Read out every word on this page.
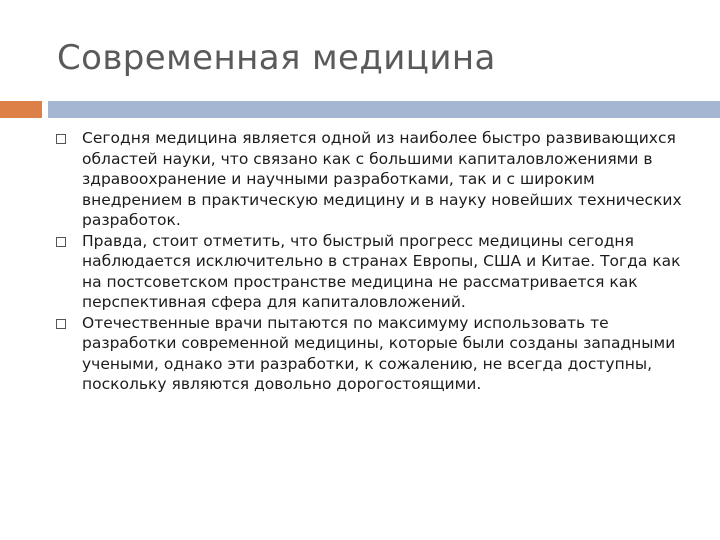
Современная медицина
Сегодня медицина является одной из наиболее быстро развивающихся областей науки, что связано как с большими капиталовложениями в здравоохранение и научными разработками, так и с широким внедрением в практическую медицину и в науку новейших технических разработок.
Правда, стоит отметить, что быстрый прогресс медицины сегодня наблюдается исключительно в странах Европы, США и Китае. Тогда как на постсоветском пространстве медицина не рассматривается как перспективная сфера для капиталовложений.
Отечественные врачи пытаются по максимуму использовать те разработки современной медицины, которые были созданы западными учеными, однако эти разработки, к сожалению, не всегда доступны, поскольку являются довольно дорогостоящими.
